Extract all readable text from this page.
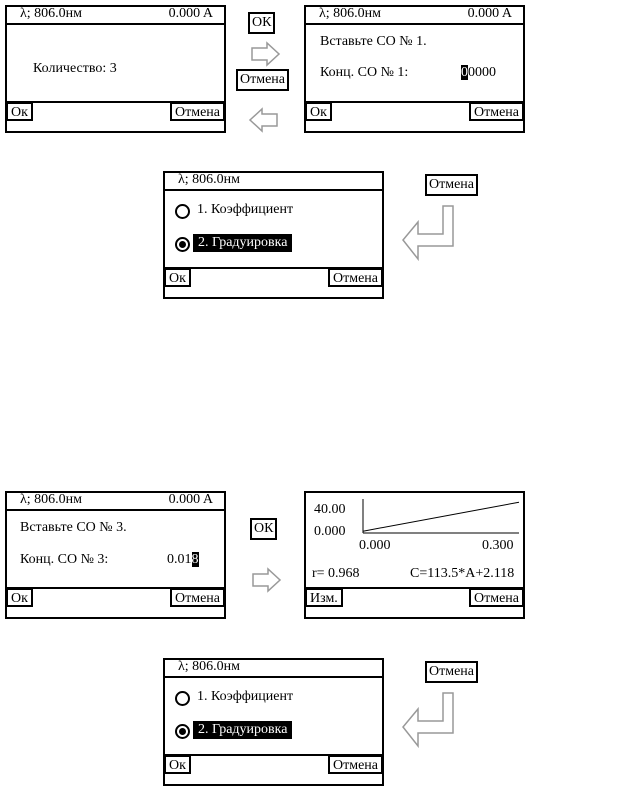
λ; 806.0нм	0.000 A
Количество: 3
Ок	Отмена
ОК
Отмена
λ; 806.0нм	0.000 A
Вставьте СО № 1.
Конц. СО № 1:	00000
Ок	Отмена
λ; 806.0нм
1. Коэффициент
2. Градуировка
Ок	Отмена
Отмена
λ; 806.0нм	0.000 A
Вставьте СО № 3.
Конц. СО № 3:	0.018
Ок	Отмена
ОК
40.00
0.000
0.000	0.300
r= 0.968	C=113.5*A+2.118
Изм.	Отмена
λ; 806.0нм
1. Коэффициент
2. Градуировка
Ок	Отмена
Отмена
